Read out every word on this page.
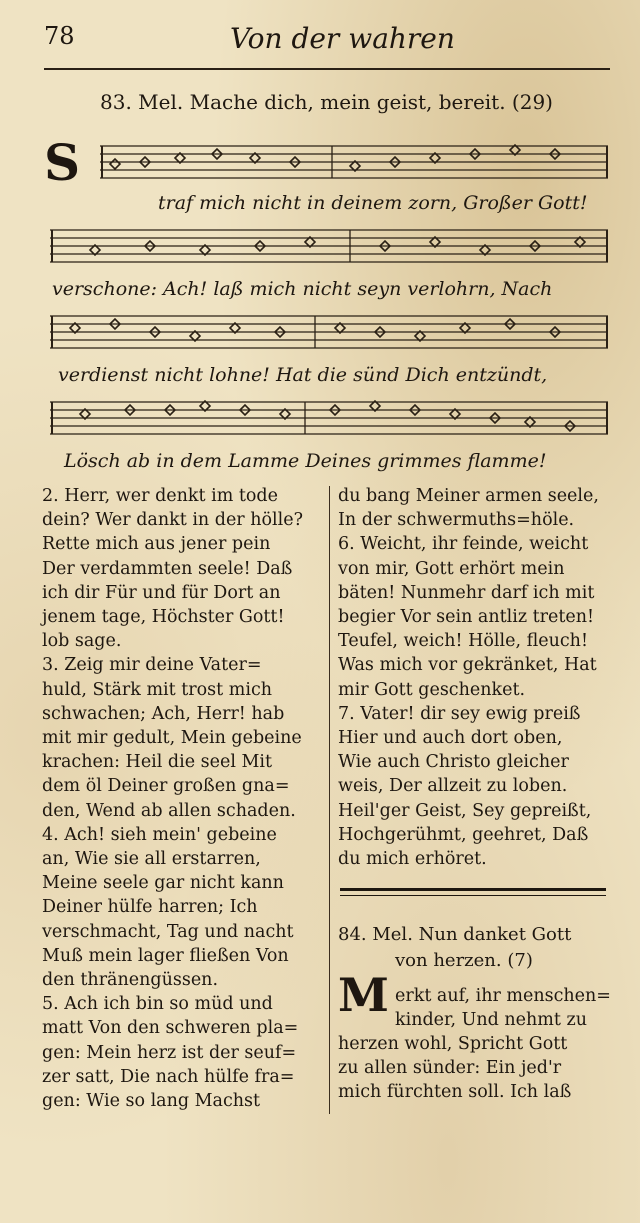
78	Von der wahren
83. Mel. Mache dich, mein geist, bereit. (29)
S
traf mich nicht in deinem zorn, Großer Gott!
verschone: Ach! laß mich nicht seyn verlohrn, Nach
verdienst nicht lohne! Hat die sünd Dich entzündt,
Lösch ab in dem Lamme Deines grimmes flamme!
2. Herr, wer denkt im tode
dein? Wer dankt in der hölle?
Rette mich aus jener pein
Der verdammten seele! Daß
ich dir Für und für Dort an
jenem tage, Höchster Gott!
lob sage.
3. Zeig mir deine Vater=
huld, Stärk mit trost mich
schwachen; Ach, Herr! hab
mit mir gedult, Mein gebeine
krachen: Heil die seel Mit
dem öl Deiner großen gna=
den, Wend ab allen schaden.
4. Ach! sieh mein' gebeine
an, Wie sie all erstarren,
Meine seele gar nicht kann
Deiner hülfe harren; Ich
verschmacht, Tag und nacht
Muß mein lager fließen Von
den thränengüssen.
5. Ach ich bin so müd und
matt Von den schweren pla=
gen: Mein herz ist der seuf=
zer satt, Die nach hülfe fra=
gen: Wie so lang Machst
du bang Meiner armen seele,
In der schwermuths=höle.
6. Weicht, ihr feinde, weicht
von mir, Gott erhört mein
bäten! Nunmehr darf ich mit
begier Vor sein antliz treten!
Teufel, weich! Hölle, fleuch!
Was mich vor gekränket, Hat
mir Gott geschenket.
7. Vater! dir sey ewig preiß
Hier und auch dort oben,
Wie auch Christo gleicher
weis, Der allzeit zu loben.
Heil'ger Geist, Sey gepreißt,
Hochgerühmt, geehret, Daß
du mich erhöret.
84. Mel. Nun danket Gott
von herzen. (7)
M erkt auf, ihr menschen=
kinder, Und nehmt zu
herzen wohl, Spricht Gott
zu allen sünder: Ein jed'r
mich fürchten soll. Ich laß
